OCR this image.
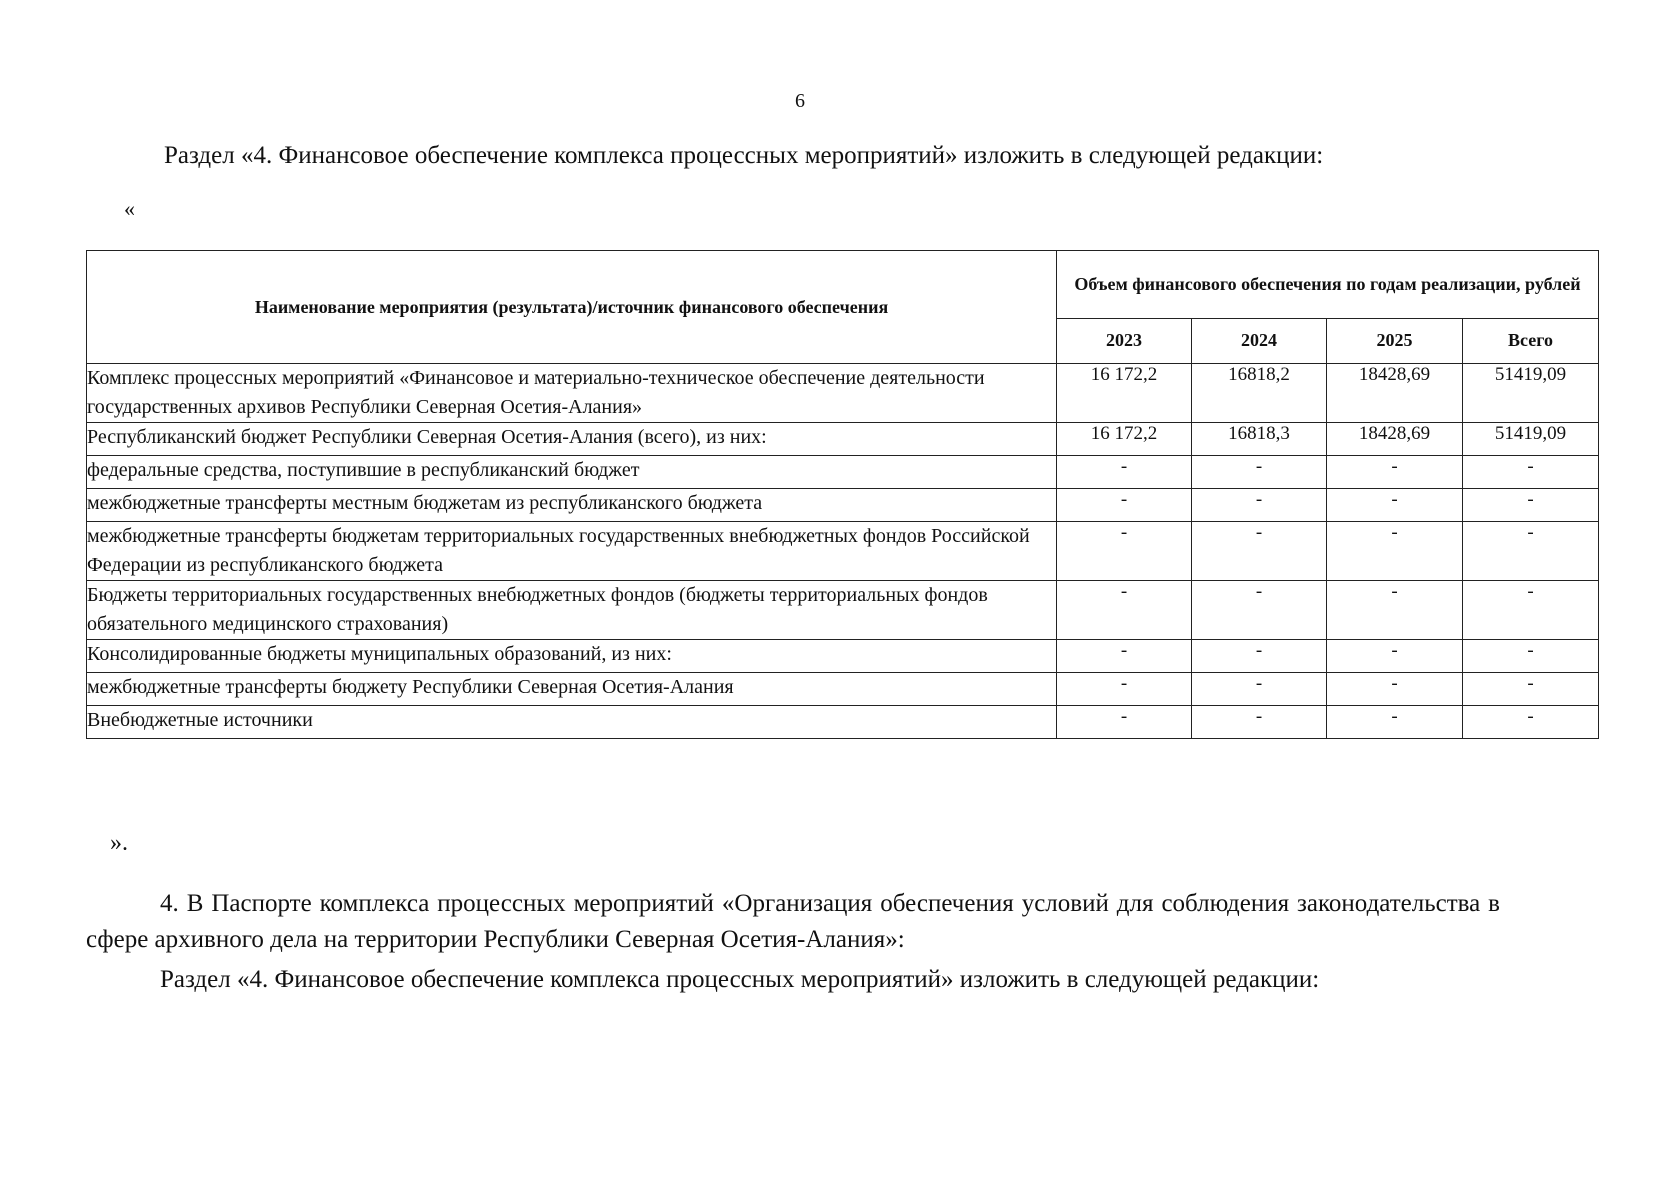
6
Раздел «4. Финансовое обеспечение комплекса процессных мероприятий» изложить в следующей редакции:
«
Наименование мероприятия (результата)/источник финансового обеспечения	Объем финансового обеспечения по годам реализации, рублей			
	2023	2024	2025	Всего
Комплекс процессных мероприятий «Финансовое и материально-техническое обеспечение деятельности государственных архивов Республики Северная Осетия-Алания»	16 172,2	16818,2	18428,69	51419,09
Республиканский бюджет Республики Северная Осетия-Алания (всего), из них:	16 172,2	16818,3	18428,69	51419,09
федеральные средства, поступившие в республиканский бюджет	-	-	-	-
межбюджетные трансферты местным бюджетам из республиканского бюджета	-	-	-	-
межбюджетные трансферты бюджетам территориальных государственных внебюджетных фондов Российской Федерации из республиканского бюджета	-	-	-	-
Бюджеты территориальных государственных внебюджетных фондов (бюджеты территориальных фондов обязательного медицинского страхования)	-	-	-	-
Консолидированные бюджеты муниципальных образований, из них:	-	-	-	-
межбюджетные трансферты бюджету Республики Северная Осетия-Алания	-	-	-	-
Внебюджетные источники	-	-	-	-
».
4. В Паспорте комплекса процессных мероприятий «Организация обеспечения условий для соблюдения законодательства в сфере архивного дела на территории Республики Северная Осетия-Алания»:
Раздел «4. Финансовое обеспечение комплекса процессных мероприятий» изложить в следующей редакции:
